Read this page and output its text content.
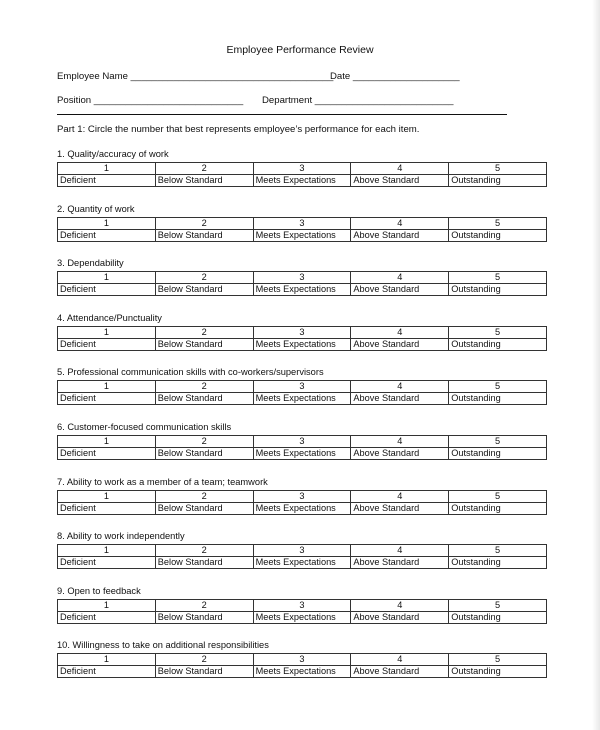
Employee Performance Review
Employee Name ______________________________________
Date ____________________
Position ____________________________ Department __________________________
Part 1: Circle the number that best represents employee’s performance for each item.
1. Quality/accuracy of work
1	2	3	4	5
Deficient	Below Standard	Meets Expectations	Above Standard	Outstanding
2. Quantity of work
1	2	3	4	5
Deficient	Below Standard	Meets Expectations	Above Standard	Outstanding
3. Dependability
1	2	3	4	5
Deficient	Below Standard	Meets Expectations	Above Standard	Outstanding
4. Attendance/Punctuality
1	2	3	4	5
Deficient	Below Standard	Meets Expectations	Above Standard	Outstanding
5. Professional communication skills with co-workers/supervisors
1	2	3	4	5
Deficient	Below Standard	Meets Expectations	Above Standard	Outstanding
6. Customer-focused communication skills
1	2	3	4	5
Deficient	Below Standard	Meets Expectations	Above Standard	Outstanding
7. Ability to work as a member of a team; teamwork
1	2	3	4	5
Deficient	Below Standard	Meets Expectations	Above Standard	Outstanding
8. Ability to work independently
1	2	3	4	5
Deficient	Below Standard	Meets Expectations	Above Standard	Outstanding
9. Open to feedback
1	2	3	4	5
Deficient	Below Standard	Meets Expectations	Above Standard	Outstanding
10. Willingness to take on additional responsibilities
1	2	3	4	5
Deficient	Below Standard	Meets Expectations	Above Standard	Outstanding
